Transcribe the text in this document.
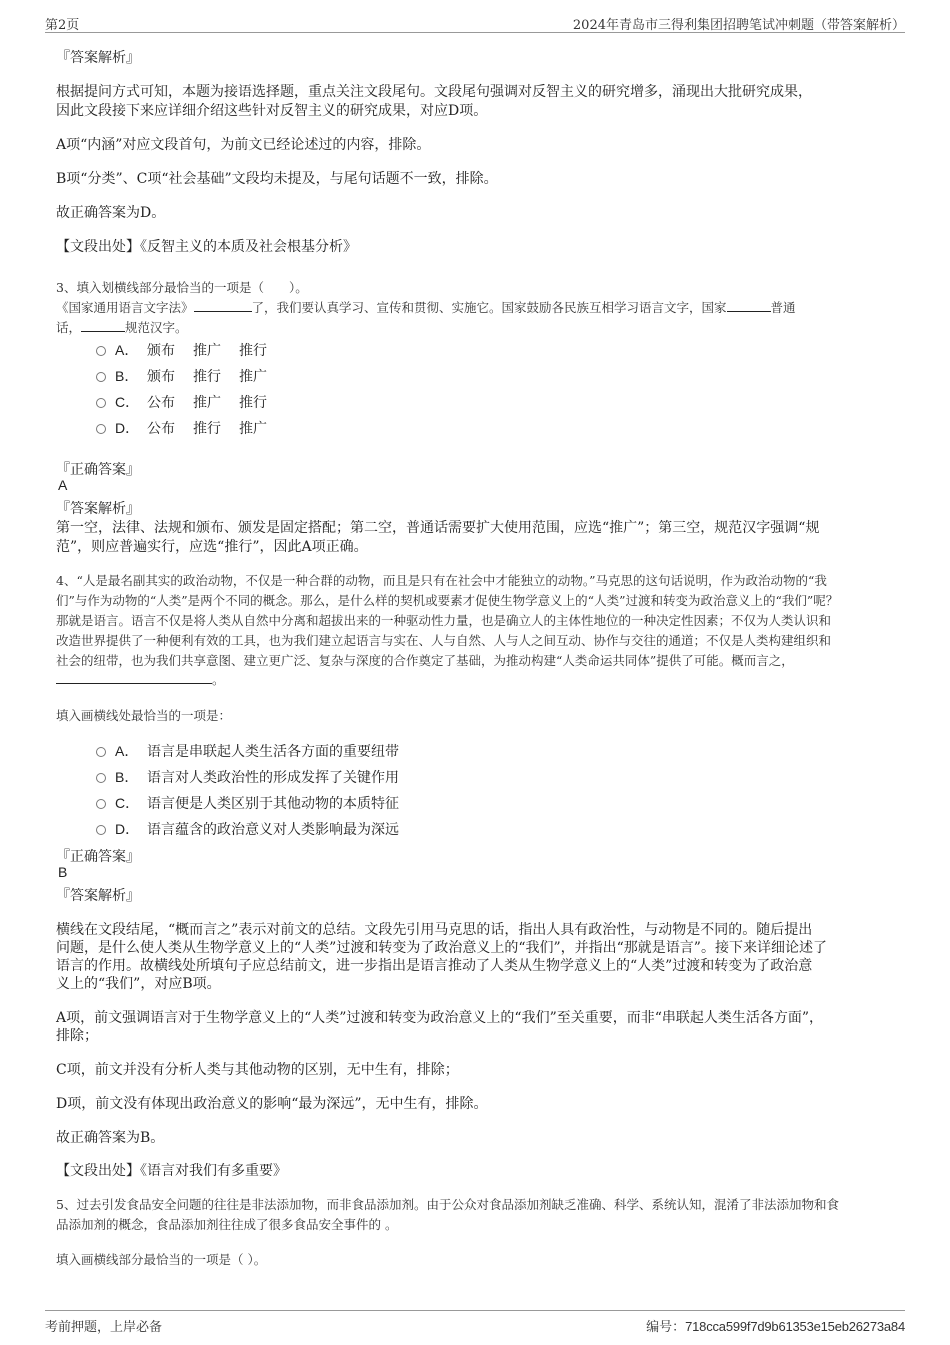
第2页	2024年青岛市三得利集团招聘笔试冲刺题（带答案解析）
『答案解析』
根据提问方式可知，本题为接语选择题，重点关注文段尾句。文段尾句强调对反智主义的研究增多，涌现出大批研究成果，
因此文段接下来应详细介绍这些针对反智主义的研究成果，对应D项。
A项“内涵”对应文段首句，为前文已经论述过的内容，排除。
B项“分类”、C项“社会基础”文段均未提及，与尾句话题不一致，排除。
故正确答案为D。
【文段出处】《反智主义的本质及社会根基分析》
3、填入划横线部分最恰当的一项是（　　）。
《国家通用语言文字法》	了，我们要认真学习、宣传和贯彻、实施它。国家鼓励各民族互相学习语言文字，国家	普通
话，	规范汉字。
A． 颁布 推广 推行
B． 颁布 推行 推广
C． 公布 推广 推行
D． 公布 推行 推广
『正确答案』
A
『答案解析』
第一空，法律、法规和颁布、颁发是固定搭配；第二空，普通话需要扩大使用范围，应选“推广”；第三空，规范汉字强调“规
范”，则应普遍实行，应选“推行”，因此A项正确。
4、“人是最名副其实的政治动物，不仅是一种合群的动物，而且是只有在社会中才能独立的动物。”马克思的这句话说明，作为政治动物的“我
们”与作为动物的“人类”是两个不同的概念。那么，是什么样的契机或要素才促使生物学意义上的“人类”过渡和转变为政治意义上的“我们”呢？
那就是语言。语言不仅是将人类从自然中分离和超拔出来的一种驱动性力量，也是确立人的主体性地位的一种决定性因素；不仅为人类认识和
改造世界提供了一种便利有效的工具，也为我们建立起语言与实在、人与自然、人与人之间互动、协作与交往的通道；不仅是人类构建组织和
社会的纽带，也为我们共享意图、建立更广泛、复杂与深度的合作奠定了基础，为推动构建“人类命运共同体”提供了可能。概而言之，
。
填入画横线处最恰当的一项是：
A． 语言是串联起人类生活各方面的重要纽带
B． 语言对人类政治性的形成发挥了关键作用
C． 语言便是人类区别于其他动物的本质特征
D． 语言蕴含的政治意义对人类影响最为深远
『正确答案』
B
『答案解析』
横线在文段结尾，“概而言之”表示对前文的总结。文段先引用马克思的话，指出人具有政治性，与动物是不同的。随后提出
问题，是什么使人类从生物学意义上的“人类”过渡和转变为了政治意义上的“我们”，并指出“那就是语言”。接下来详细论述了
语言的作用。故横线处所填句子应总结前文，进一步指出是语言推动了人类从生物学意义上的“人类”过渡和转变为了政治意
义上的“我们”，对应B项。
A项，前文强调语言对于生物学意义上的“人类”过渡和转变为政治意义上的“我们”至关重要，而非“串联起人类生活各方面”，
排除；
C项，前文并没有分析人类与其他动物的区别，无中生有，排除；
D项，前文没有体现出政治意义的影响“最为深远”，无中生有，排除。
故正确答案为B。
【文段出处】《语言对我们有多重要》
5、过去引发食品安全问题的往往是非法添加物，而非食品添加剂。由于公众对食品添加剂缺乏准确、科学、系统认知，混淆了非法添加物和食
品添加剂的概念，食品添加剂往往成了很多食品安全事件的 。
填入画横线部分最恰当的一项是（ ）。
考前押题，上岸必备	编号：718cca599f7d9b61353e15eb26273a84
